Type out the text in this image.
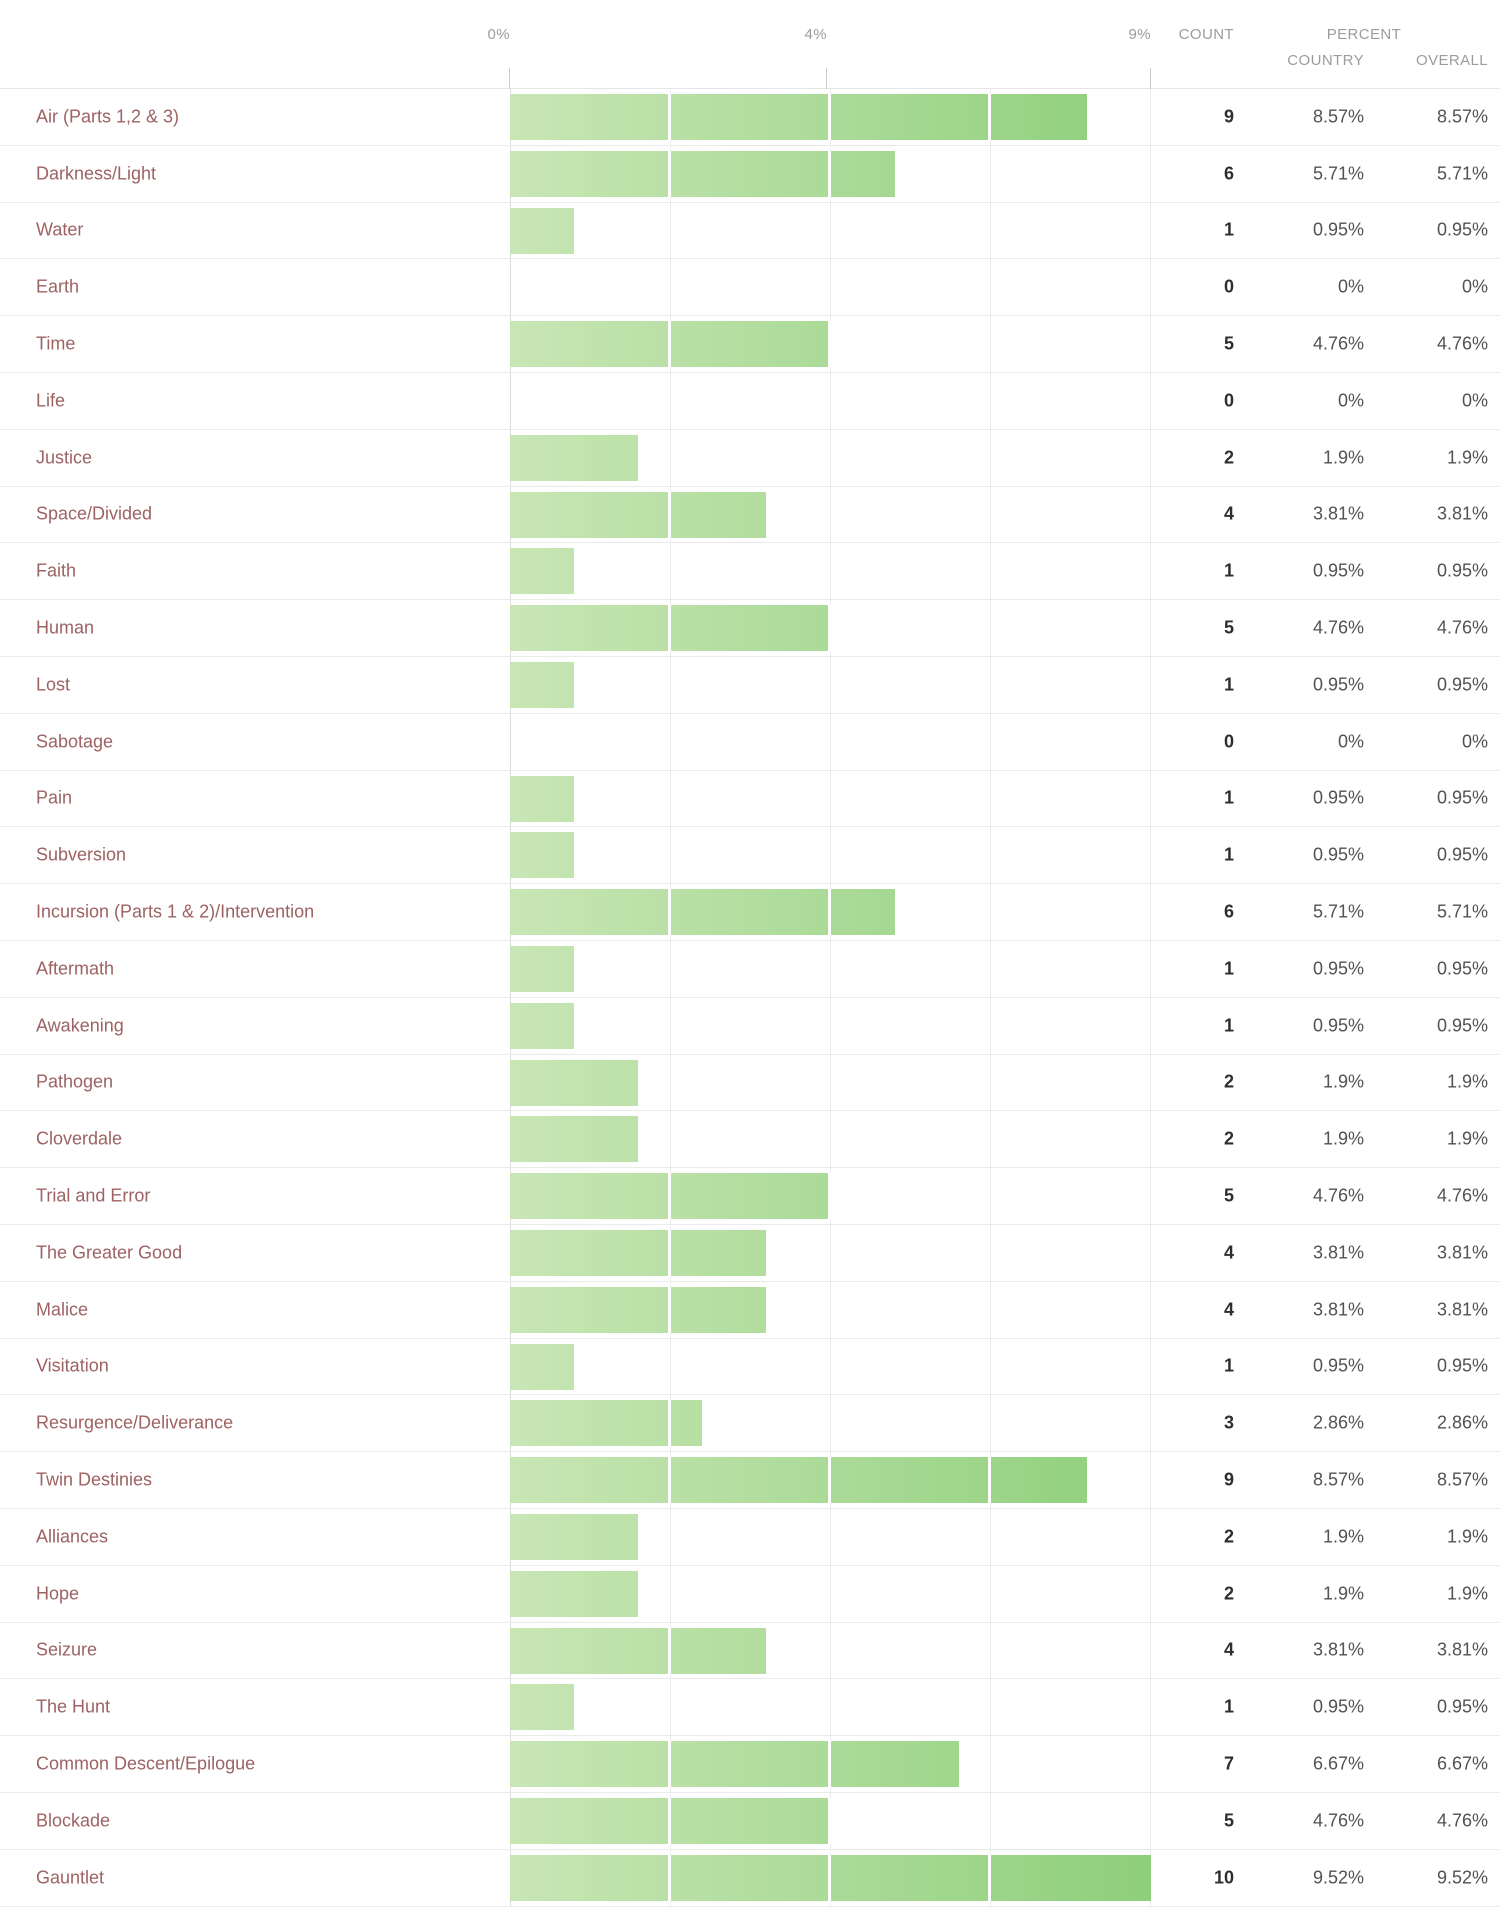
0%	4%	9%	COUNT	PERCENT
COUNTRY	OVERALL
Air (Parts 1,2 & 3)	9	8.57%	8.57%
Darkness/Light	6	5.71%	5.71%
Water	1	0.95%	0.95%
Earth	0	0%	0%
Time	5	4.76%	4.76%
Life	0	0%	0%
Justice	2	1.9%	1.9%
Space/Divided	4	3.81%	3.81%
Faith	1	0.95%	0.95%
Human	5	4.76%	4.76%
Lost	1	0.95%	0.95%
Sabotage	0	0%	0%
Pain	1	0.95%	0.95%
Subversion	1	0.95%	0.95%
Incursion (Parts 1 & 2)/Intervention	6	5.71%	5.71%
Aftermath	1	0.95%	0.95%
Awakening	1	0.95%	0.95%
Pathogen	2	1.9%	1.9%
Cloverdale	2	1.9%	1.9%
Trial and Error	5	4.76%	4.76%
The Greater Good	4	3.81%	3.81%
Malice	4	3.81%	3.81%
Visitation	1	0.95%	0.95%
Resurgence/Deliverance	3	2.86%	2.86%
Twin Destinies	9	8.57%	8.57%
Alliances	2	1.9%	1.9%
Hope	2	1.9%	1.9%
Seizure	4	3.81%	3.81%
The Hunt	1	0.95%	0.95%
Common Descent/Epilogue	7	6.67%	6.67%
Blockade	5	4.76%	4.76%
Gauntlet	10	9.52%	9.52%
